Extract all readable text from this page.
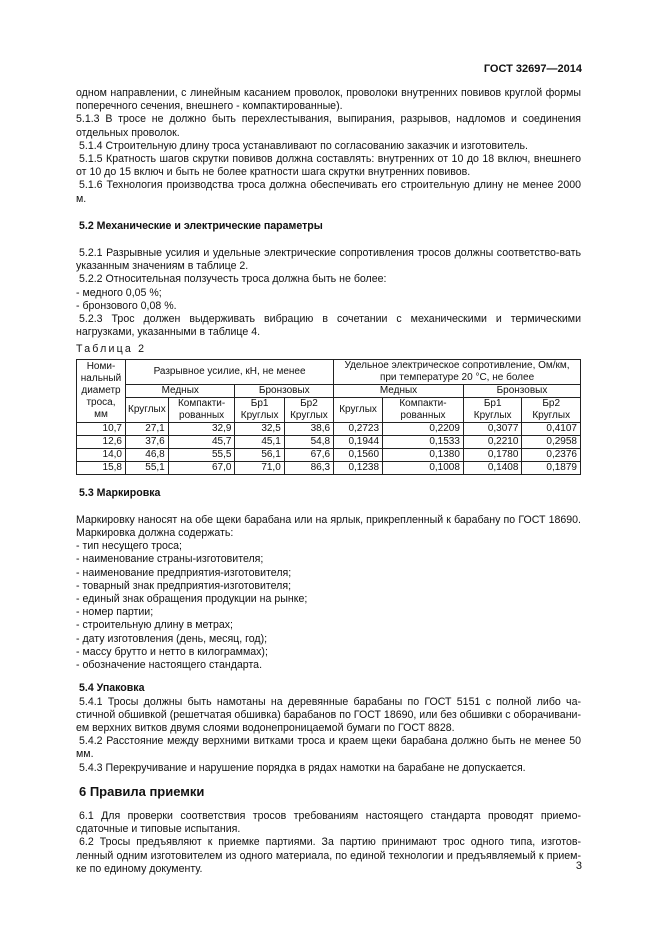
ГОСТ 32697—2014

одном направлении, с линейным касанием проволок, проволоки внутренних повивов круглой формы поперечного сечения, внешнего - компактированные).

5.1.3 В тросе не должно быть перехлестывания, выпирания, разрывов, надломов и соединения отдельных проволок.

5.1.4 Строительную длину троса устанавливают по согласованию заказчик и изготовитель.

5.1.5 Кратность шагов скрутки повивов должна составлять: внутренних от 10 до 18 включ, внешнего от 10 до 15 включ и быть не более кратности шага скрутки внутренних повивов.

5.1.6 Технология производства троса должна обеспечивать его строительную длину не менее 2000 м.

5.2 Механические и электрические параметры

5.2.1 Разрывные усилия и удельные электрические сопротивления тросов должны соответство-вать указанным значениям в таблице 2.

5.2.2 Относительная ползучесть троса должна быть не более:

- медного 0,05 %;

- бронзового 0,08 %.

5.2.3 Трос должен выдерживать вибрацию в сочетании с механическими и термическими нагрузками, указанными в таблице 4.

Таблица 2
Номи-нальный диаметр троса, мм	Разрывное усилие, кН, не менее				Удельное электрическое сопротивление, Ом/км, при температуре 20 °С, не более			
	Медных		Бронзовых		Медных		Бронзовых	
	Круглых	Компакти-рованных	Бр1 Круглых	Бр2 Круглых	Круглых	Компакти-рованных	Бр1 Круглых	Бр2 Круглых
10,7	27,1	32,9	32,5	38,6	0,2723	0,2209	0,3077	0,4107
12,6	37,6	45,7	45,1	54,8	0,1944	0,1533	0,2210	0,2958
14,0	46,8	55,5	56,1	67,6	0,1560	0,1380	0,1780	0,2376
15,8	55,1	67,0	71,0	86,3	0,1238	0,1008	0,1408	0,1879
5.3 Маркировка

Маркировку наносят на обе щеки барабана или на ярлык, прикрепленный к барабану по ГОСТ 18690. Маркировка должна содержать:

- тип несущего троса;

- наименование страны-изготовителя;

- наименование предприятия-изготовителя;

- товарный знак предприятия-изготовителя;

- единый знак обращения продукции на рынке;

- номер партии;

- строительную длину в метрах;

- дату изготовления (день, месяц, год);

- массу брутто и нетто в килограммах);

- обозначение настоящего стандарта.

5.4 Упаковка

5.4.1 Тросы должны быть намотаны на деревянные барабаны по ГОСТ 5151 с полной либо ча-стичной обшивкой (решетчатая обшивка) барабанов по ГОСТ 18690, или без обшивки с оборачивани-ем верхних витков двумя слоями водонепроницаемой бумаги по ГОСТ 8828.

5.4.2 Расстояние между верхними витками троса и краем щеки барабана должно быть не менее 50 мм.

5.4.3 Перекручивание и нарушение порядка в рядах намотки на барабане не допускается.

6 Правила приемки

6.1 Для проверки соответствия тросов требованиям настоящего стандарта проводят приемо-сдаточные и типовые испытания.

6.2 Тросы предъявляют к приемке партиями. За партию принимают трос одного типа, изготов-ленный одним изготовителем из одного материала, по единой технологии и предъявляемый к прием-ке по единому документу.	3
